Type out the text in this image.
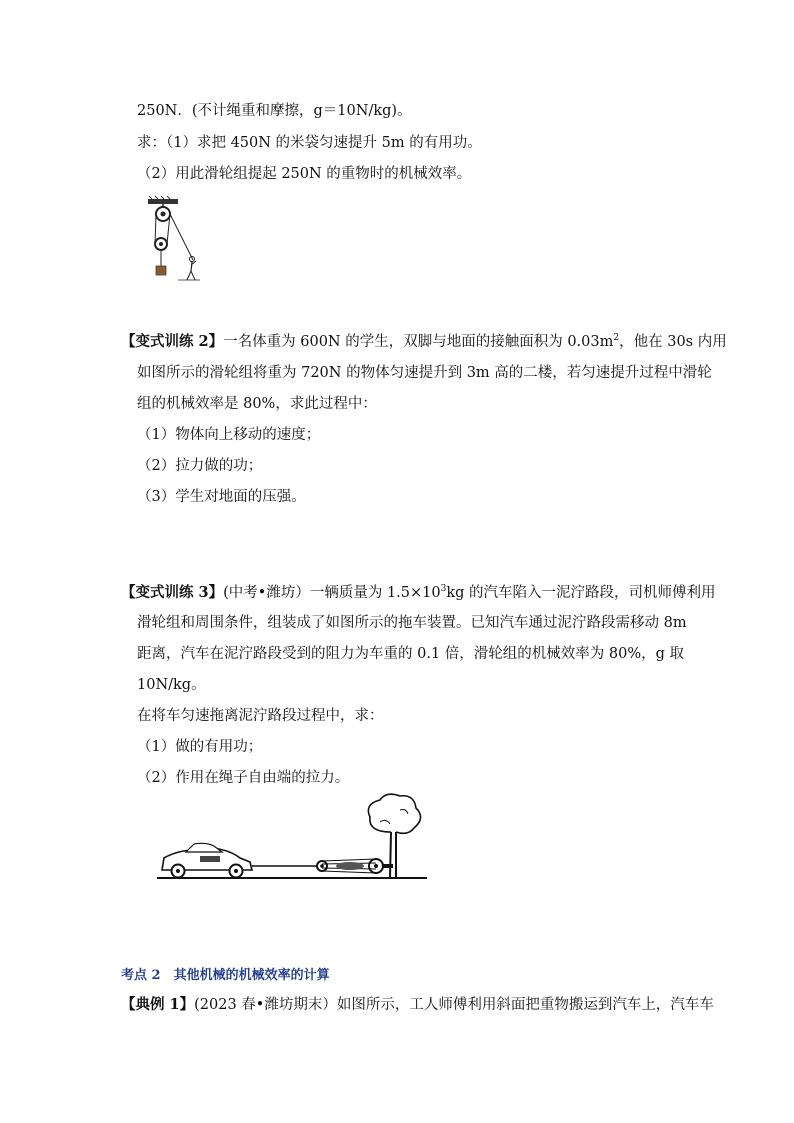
250N．(不计绳重和摩擦，g＝10N/kg)。
求：（1）求把 450N 的米袋匀速提升 5m 的有用功。
（2）用此滑轮组提起 250N 的重物时的机械效率。
【变式训练 2】一名体重为 600N 的学生，双脚与地面的接触面积为 $0.03m^2$，他在 30s 内用
如图所示的滑轮组将重为 720N 的物体匀速提升到 3m 高的二楼，若匀速提升过程中滑轮
组的机械效率是 80%，求此过程中：
（1）物体向上移动的速度；
（2）拉力做的功；
（3）学生对地面的压强。
【变式训练 3】(中考•潍坊）一辆质量为 $1.5\times 10^3kg$ 的汽车陷入一泥泞路段，司机师傅利用
滑轮组和周围条件，组装成了如图所示的拖车装置。已知汽车通过泥泞路段需移动 8m
距离，汽车在泥泞路段受到的阻力为车重的 0.1 倍，滑轮组的机械效率为 80%，g 取
10N/kg。
在将车匀速拖离泥泞路段过程中，求：
（1）做的有用功；
（2）作用在绳子自由端的拉力。
考点 2　其他机械的机械效率的计算
【典例 1】(2023 春•潍坊期末）如图所示，工人师傅利用斜面把重物搬运到汽车上，汽车车
